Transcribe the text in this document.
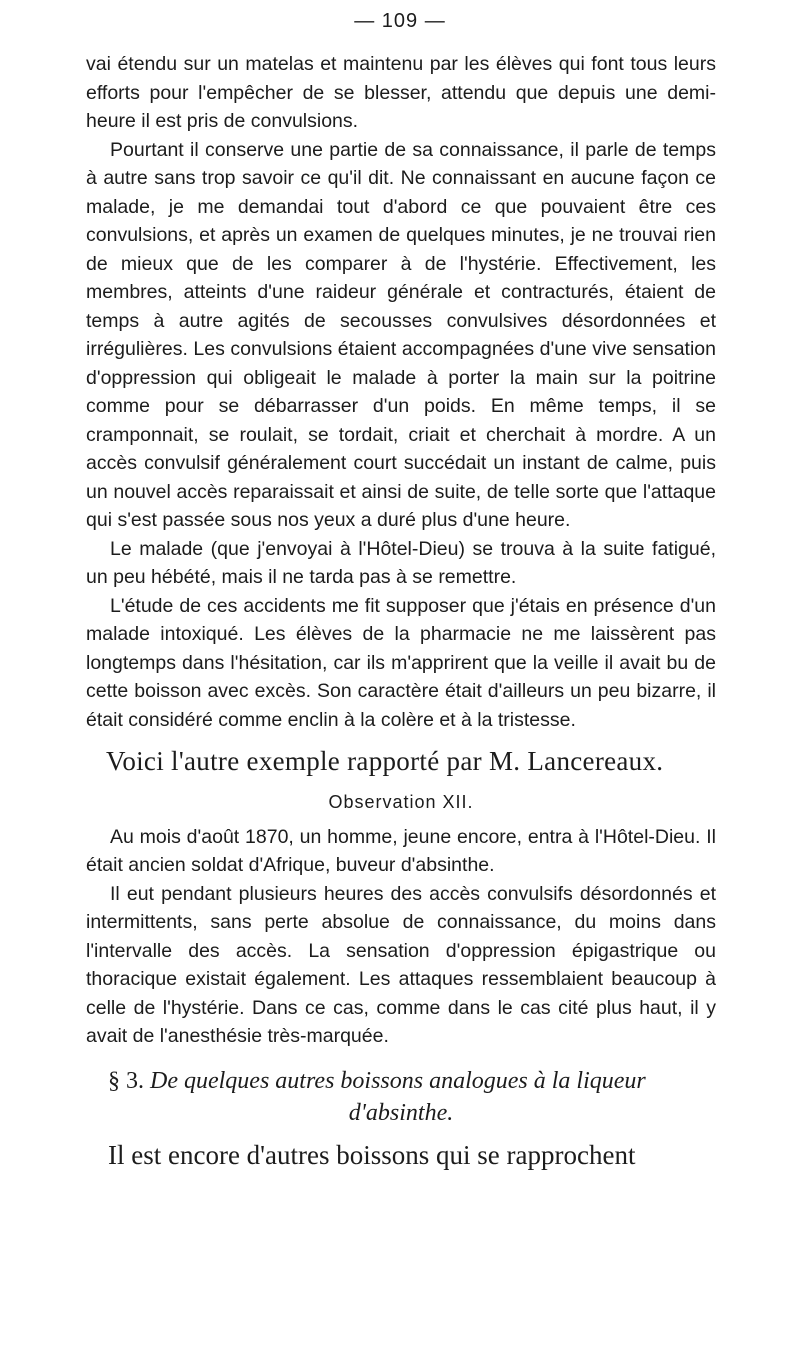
— 109 —

vai étendu sur un matelas et maintenu par les élèves qui font tous leurs efforts pour l'empêcher de se blesser, attendu que depuis une demi-heure il est pris de convulsions.

Pourtant il conserve une partie de sa connaissance, il parle de temps à autre sans trop savoir ce qu'il dit. Ne connaissant en aucune façon ce malade, je me demandai tout d'abord ce que pouvaient être ces convulsions, et après un examen de quelques minutes, je ne trouvai rien de mieux que de les comparer à de l'hystérie. Effectivement, les membres, atteints d'une raideur générale et contracturés, étaient de temps à autre agités de secousses convulsives désordonnées et irrégulières. Les convulsions étaient accompagnées d'une vive sensation d'oppression qui obligeait le malade à porter la main sur la poitrine comme pour se débarrasser d'un poids. En même temps, il se cramponnait, se roulait, se tordait, criait et cherchait à mordre. A un accès convulsif généralement court succédait un instant de calme, puis un nouvel accès reparaissait et ainsi de suite, de telle sorte que l'attaque qui s'est passée sous nos yeux a duré plus d'une heure.

Le malade (que j'envoyai à l'Hôtel-Dieu) se trouva à la suite fatigué, un peu hébété, mais il ne tarda pas à se remettre.

L'étude de ces accidents me fit supposer que j'étais en présence d'un malade intoxiqué. Les élèves de la pharmacie ne me laissèrent pas longtemps dans l'hésitation, car ils m'apprirent que la veille il avait bu de cette boisson avec excès. Son caractère était d'ailleurs un peu bizarre, il était considéré comme enclin à la colère et à la tristesse.

Voici l'autre exemple rapporté par M. Lancereaux.
Observation XII.

Au mois d'août 1870, un homme, jeune encore, entra à l'Hôtel-Dieu. Il était ancien soldat d'Afrique, buveur d'absinthe.

Il eut pendant plusieurs heures des accès convulsifs désordonnés et intermittents, sans perte absolue de connaissance, du moins dans l'intervalle des accès. La sensation d'oppression épigastrique ou thoracique existait également. Les attaques ressemblaient beaucoup à celle de l'hystérie. Dans ce cas, comme dans le cas cité plus haut, il y avait de l'anesthésie très-marquée.

§ 3. De quelques autres boissons analogues à la liqueur
d'absinthe.
Il est encore d'autres boissons qui se rapprochent
